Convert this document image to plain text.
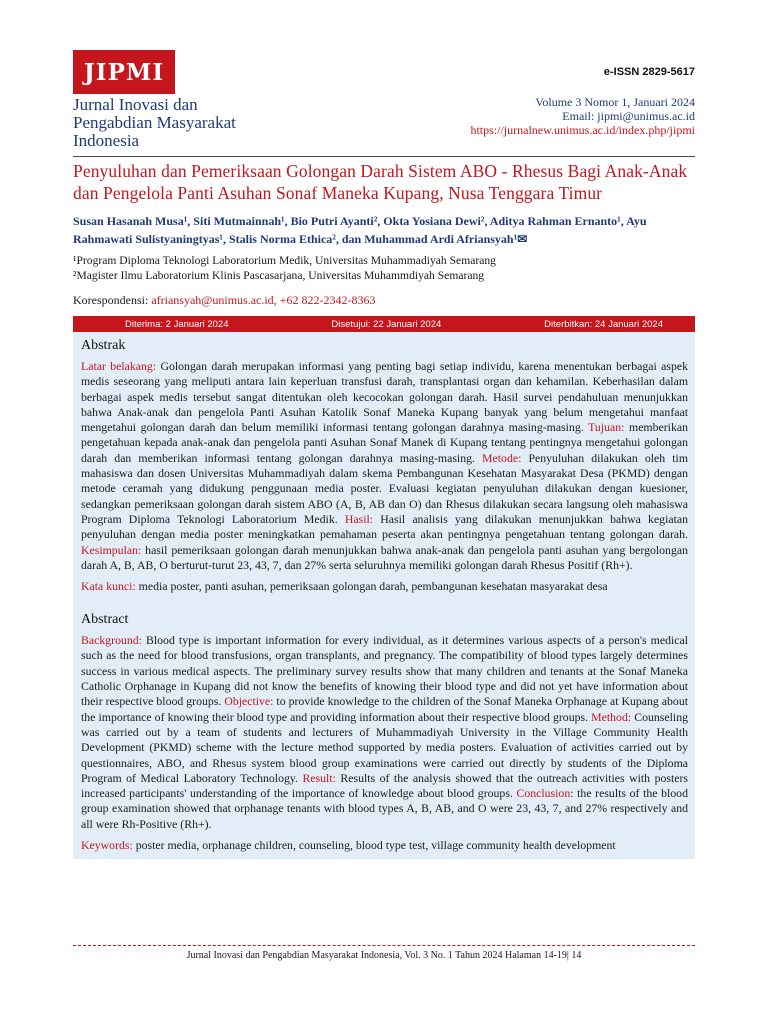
JIPMI
Jurnal Inovasi dan
Pengabdian Masyarakat
Indonesia
e-ISSN 2829-5617
Volume 3 Nomor 1, Januari 2024
Email: jipmi@unimus.ac.id
https://jurnalnew.unimus.ac.id/index.php/jipmi
Penyuluhan dan Pemeriksaan Golongan Darah Sistem ABO - Rhesus Bagi Anak-Anak dan Pengelola Panti Asuhan Sonaf Maneka Kupang, Nusa Tenggara Timur
Susan Hasanah Musa¹, Siti Mutmainnah¹, Bio Putri Ayanti², Okta Yosiana Dewi², Aditya Rahman Ernanto¹, Ayu Rahmawati Sulistyaningtyas¹, Stalis Norma Ethica², dan Muhammad Ardi Afriansyah¹✉
¹Program Diploma Teknologi Laboratorium Medik, Universitas Muhammadiyah Semarang
²Magister Ilmu Laboratorium Klinis Pascasarjana, Universitas Muhammdiyah Semarang
Korespondensi: afriansyah@unimus.ac.id, +62 822-2342-8363
Diterima: 2 Januari 2024	Disetujui: 22 Januari 2024	Diterbitkan: 24 Januari 2024
Abstrak

Latar belakang: Golongan darah merupakan informasi yang penting bagi setiap individu, karena menentukan berbagai aspek medis seseorang yang meliputi antara lain keperluan transfusi darah, transplantasi organ dan kehamilan. Keberhasilan dalam berbagai aspek medis tersebut sangat ditentukan oleh kecocokan golongan darah. Hasil survei pendahuluan menunjukkan bahwa Anak-anak dan pengelola Panti Asuhan Katolik Sonaf Maneka Kupang banyak yang belum mengetahui manfaat mengetahui golongan darah dan belum memiliki informasi tentang golongan darahnya masing-masing. Tujuan: memberikan pengetahuan kepada anak-anak dan pengelola panti Asuhan Sonaf Manek di Kupang tentang pentingnya mengetahui golongan darah dan memberikan informasi tentang golongan darahnya masing-masing. Metode: Penyuluhan dilakukan oleh tim mahasiswa dan dosen Universitas Muhammadiyah dalam skema Pembangunan Kesehatan Masyarakat Desa (PKMD) dengan metode ceramah yang didukung penggunaan media poster. Evaluasi kegiatan penyuluhan dilakukan dengan kuesioner, sedangkan pemeriksaan golongan darah sistem ABO (A, B, AB dan O) dan Rhesus dilakukan secara langsung oleh mahasiswa Program Diploma Teknologi Laboratorium Medik. Hasil: Hasil analisis yang dilakukan menunjukkan bahwa kegiatan penyuluhan dengan media poster meningkatkan pemahaman peserta akan pentingnya pengetahuan tentang golongan darah. Kesimpulan: hasil pemeriksaan golongan darah menunjukkan bahwa anak-anak dan pengelola panti asuhan yang bergolongan darah A, B, AB, O berturut-turut 23, 43, 7, dan 27% serta seluruhnya memiliki golongan darah Rhesus Positif (Rh+).

Kata kunci: media poster, panti asuhan, pemeriksaan golongan darah, pembangunan kesehatan masyarakat desa

Abstract

Background: Blood type is important information for every individual, as it determines various aspects of a person's medical such as the need for blood transfusions, organ transplants, and pregnancy. The compatibility of blood types largely determines success in various medical aspects. The preliminary survey results show that many children and tenants at the Sonaf Maneka Catholic Orphanage in Kupang did not know the benefits of knowing their blood type and did not yet have information about their respective blood groups. Objective: to provide knowledge to the children of the Sonaf Maneka Orphanage at Kupang about the importance of knowing their blood type and providing information about their respective blood groups. Method: Counseling was carried out by a team of students and lecturers of Muhammadiyah University in the Village Community Health Development (PKMD) scheme with the lecture method supported by media posters. Evaluation of activities carried out by questionnaires, ABO, and Rhesus system blood group examinations were carried out directly by students of the Diploma Program of Medical Laboratory Technology. Result: Results of the analysis showed that the outreach activities with posters increased participants' understanding of the importance of knowledge about blood groups. Conclusion: the results of the blood group examination showed that orphanage tenants with blood types A, B, AB, and O were 23, 43, 7, and 27% respectively and all were Rh-Positive (Rh+).

Keywords: poster media, orphanage children, counseling, blood type test, village community health development

Jurnal Inovasi dan Pengabdian Masyarakat Indonesia, Vol. 3 No. 1 Tahun 2024 Halaman 14-19| 14
